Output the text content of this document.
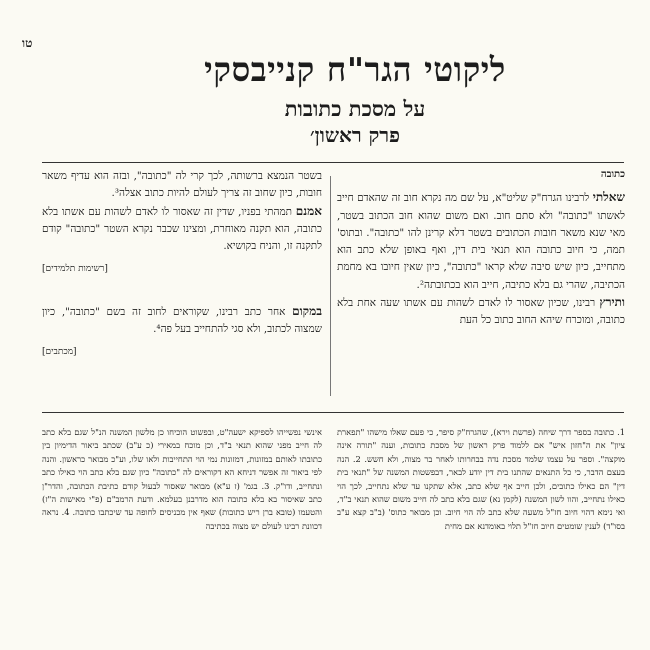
טו
ליקוטי הגר"ח קנייבסקי
על מסכת כתובות
פרק ראשון׳
כתובה

שאלתי לרבינו הגרח"ק שליט"א, על שם מה נקרא חוב זה שהאדם חייב לאשתו "כתובה" ולא סתם חוב. ואם משום שהוא חוב הכתוב בשטר, מאי שנא משאר חובות הכתובים בשטר דלא קרינן להו "כתובה". ובתוס' תמה, כי חיוב כתובה הוא תנאי בית דין, ואף באופן שלא כתב הוא מתחייב, כיון שיש סיבה שלא קראו "כתובה", כיון שאין חיובו בא מחמת הכתיבה, שהרי גם בלא כתיבה, חייב הוא בכתובתה².

ותירץ רבינו, שכיון שאסור לו לאדם לשהות עם אשתו שעה אחת בלא כתובה, ומוכרח שיהא החוב כתוב כל העת

בשטר הנמצא ברשותה, לכך קרי לה "כתובה", ובזה הוא עדיף משאר חובות, כיון שחוב זה צריך לעולם להיות כתוב אצלה³.

אמנם תמהתי בפניו, שדין זה שאסור לו לאדם לשהות עם אשתו בלא כתובה, הוא תקנה מאוחרת, ומצינו שכבר נקרא השטר "כתובה" קודם לתקנה זו, והניח בקושיא.

[רשימות תלמידים]

במקום אחר כתב רבינו, שקוראים לחוב זה בשם "כתובה", כיון שמצוה לכתוב, ולא סגי להתחייב בעל פה⁴.

[מכתבים]
1. כתובה בספר דרך שיחה (פרשת וירא), שהגרח"ק סיפר, כי פעם שאלו מישהו "תפארת ציון" את ה"חזון איש" אם ללמוד פרק ראשון של מסכת כתובות, וענה "תורה אינה מוקצה". וספר על עצמו שלמד מסכת נדה בבחרותו לאחר בר מצוה, ולא חשש. 2. הנה בעצם הדבר, כי כל התנאים שהתנו בית דין יודע לבאר, דבפשטות המשנה של "תנאי בית דין" הם כאילו כתובים, ולכן חייב אף שלא כתב, אלא שתקנו עד שלא נתחייב, לכך הוי כאילו נתחייב, והוו לשון המשנה (לקמן נא) שגם בלא כתב לה חייב משום שהוא תנאי ב"ד, ואי נימא דהוי חיוב חז"ל משעה שלא כתב לה הוי חיוב. וכן מבואר כתוס' (ב"ב קצא ע"ב בסו"ד) לענין שומטים חיוב חז"ל תלוי באומדנא אם מחית
אינשי נפשייהו לספיקא ישעה"ט, ובפשוט הוכיחו כן מלשון המשנה הנ"ל שגם בלא כתב לה חייב מפני שהוא תנאי ב"ד, וכן מוכח במאירי (כ ע"ב) שכתב ביאור הדימיון בין כתובתו לאותם במזונות, דמזונות נמי הוי התחייבות ולאו שלו, וע"כ מבואר כראשון. והנה לפי ביאור זה אפשר דניחא הא דקוראים לה "כתובה" כיון שגם בלא כתב הוי כאילו כתב ונתחייב, ודו"ק. 3. בגמ' (ז ע"א) מבואר שאסור לבעול קודם כתיבת הכתובה, והדר"ן כתב שאיסור בא בלא כתובה הוא מדרבנן בעלמא. ודעת הרמב"ם (פ"י מאישות ה"ז) והטעמו (טובא ברן ריש כתובות) שאף אין מכניסים לחופה עד שיכתבו כתובה. 4. נראה דכוונת רבינו לעולם יש מצוה בכתיבה
